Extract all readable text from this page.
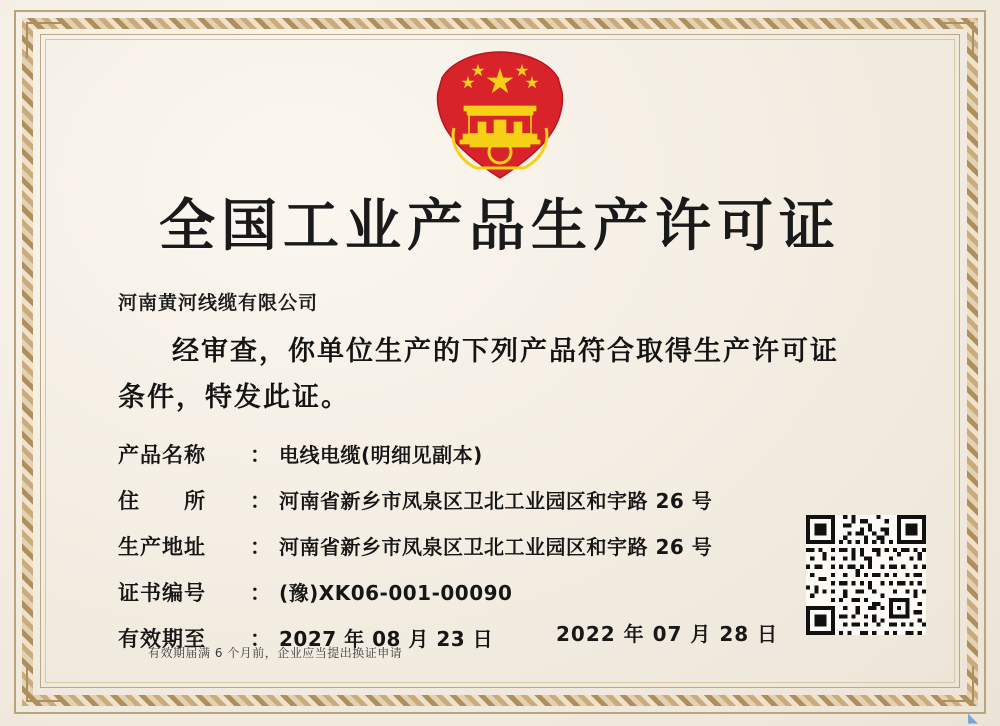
全国工业产品生产许可证
河南黄河线缆有限公司
经审查，你单位生产的下列产品符合取得生产许可证
条件，特发此证。
产品名称	： 电线电缆(明细见副本)
住　　所	： 河南省新乡市凤泉区卫北工业园区和宇路 26 号
生产地址	： 河南省新乡市凤泉区卫北工业园区和宇路 26 号
证书编号	： (豫)XK06-001-00090
有效期至	： 2027 年 08 月 23 日	2022 年 07 月 28 日
有效期届满 6 个月前，企业应当提出换证申请
◣
